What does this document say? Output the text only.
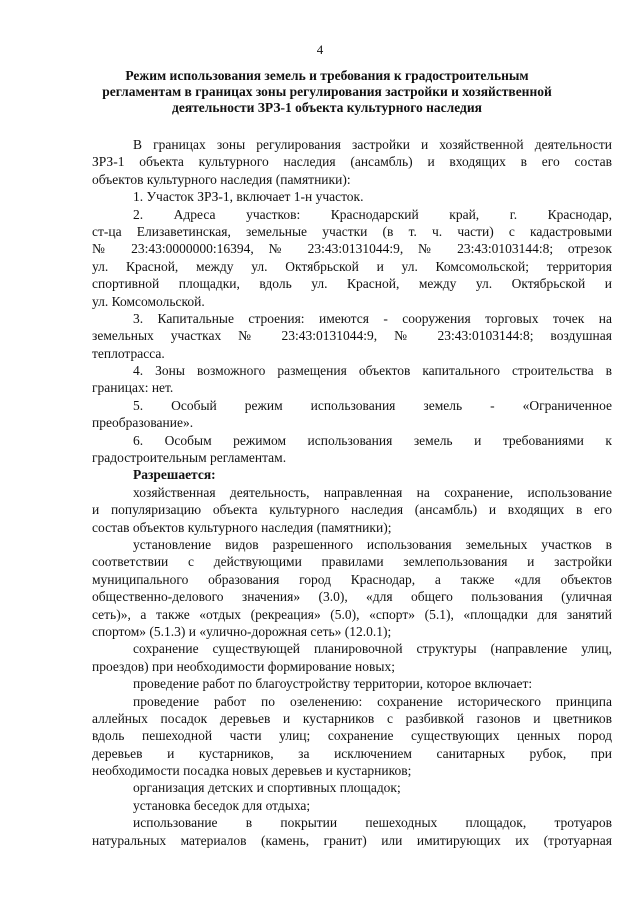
4
Режим использования земель и требования к градостроительным
регламентам в границах зоны регулирования застройки и хозяйственной
деятельности ЗРЗ-1 объекта культурного наследия
В границах зоны регулирования застройки и хозяйственной деятельности
ЗРЗ-1 объекта культурного наследия (ансамбль) и входящих в его состав
объектов культурного наследия (памятники):
1. Участок ЗРЗ-1, включает 1-н участок.
2. Адреса участков: Краснодарский край, г. Краснодар,
ст-ца Елизаветинская, земельные участки (в т. ч. части) с кадастровыми
№ 23:43:0000000:16394, № 23:43:0131044:9, № 23:43:0103144:8; отрезок
ул. Красной, между ул. Октябрьской и ул. Комсомольской; территория
спортивной площадки, вдоль ул. Красной, между ул. Октябрьской и
ул. Комсомольской.
3. Капитальные строения: имеются - сооружения торговых точек на
земельных участках № 23:43:0131044:9, № 23:43:0103144:8; воздушная
теплотрасса.
4. Зоны возможного размещения объектов капитального строительства в
границах: нет.
5. Особый режим использования земель - «Ограниченное
преобразование».
6. Особым режимом использования земель и требованиями к
градостроительным регламентам.
Разрешается:
хозяйственная деятельность, направленная на сохранение, использование
и популяризацию объекта культурного наследия (ансамбль) и входящих в его
состав объектов культурного наследия (памятники);
установление видов разрешенного использования земельных участков в
соответствии с действующими правилами землепользования и застройки
муниципального образования город Краснодар, а также «для объектов
общественно-делового значения» (3.0), «для общего пользования (уличная
сеть)», а также «отдых (рекреация» (5.0), «спорт» (5.1), «площадки для занятий
спортом» (5.1.3) и «улично-дорожная сеть» (12.0.1);
сохранение существующей планировочной структуры (направление улиц,
проездов) при необходимости формирование новых;
проведение работ по благоустройству территории, которое включает:
проведение работ по озеленению: сохранение исторического принципа
аллейных посадок деревьев и кустарников с разбивкой газонов и цветников
вдоль пешеходной части улиц; сохранение существующих ценных пород
деревьев и кустарников, за исключением санитарных рубок, при
необходимости посадка новых деревьев и кустарников;
организация детских и спортивных площадок;
установка беседок для отдыха;
использование в покрытии пешеходных площадок, тротуаров
натуральных материалов (камень, гранит) или имитирующих их (тротуарная
